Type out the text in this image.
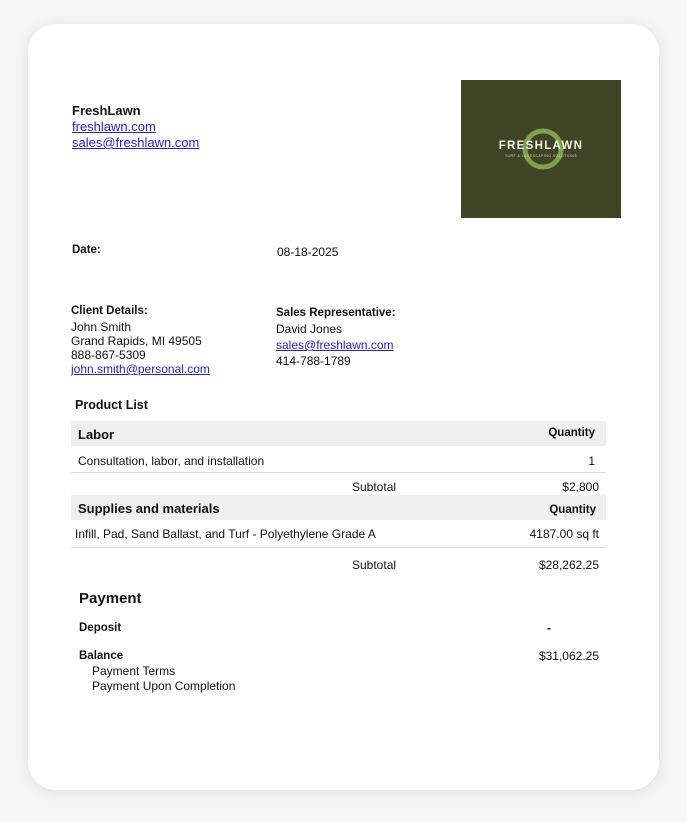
FreshLawn
freshlawn.com
sales@freshlawn.com	FRESHLAWN
TURF & LANDSCAPING SOLUTIONS
Date:	08-18-2025
Client Details:
John Smith
Grand Rapids, MI 49505
888-867-5309
john.smith@personal.com
Sales Representative:
David Jones
sales@freshlawn.com
414-788-1789
Product List
Labor	Quantity
Consultation, labor, and installation	1
Subtotal	$2,800
Supplies and materials	Quantity
Infill, Pad, Sand Ballast, and Turf - Polyethylene Grade A	4187.00 sq ft
Subtotal	$28,262.25
Payment
Deposit	-
Balance	$31,062.25
Payment Terms
Payment Upon Completion
